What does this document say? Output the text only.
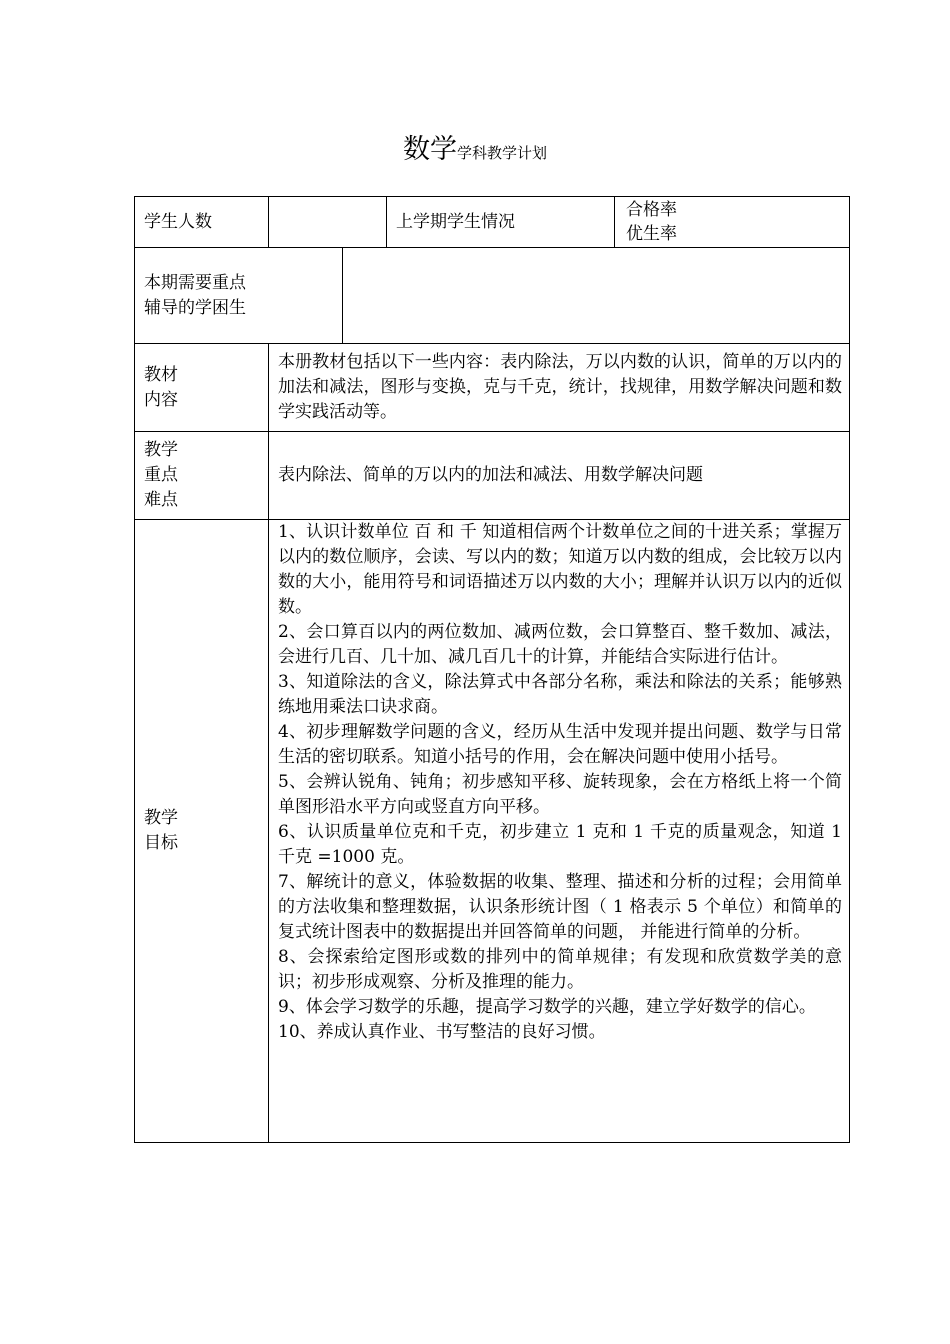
数学学科教学计划
学生人数	上学期学生情况
合格率
优生率
本期需要重点
辅导的学困生
教材
内容
本册教材包括以下一些内容：表内除法，万以内数的认识，简单的万以内的加法和减法，图形与变换，克与千克，统计，找规律，用数学解决问题和数学实践活动等。
教学
重点
难点
表内除法、简单的万以内的加法和减法、用数学解决问题
教学
目标

1、认识计数单位 百 和 千 知道相信两个计数单位之间的十进关系；掌握万以内的数位顺序，会读、写以内的数；知道万以内数的组成，会比较万以内数的大小，能用符号和词语描述万以内数的大小；理解并认识万以内的近似数。

2、会口算百以内的两位数加、减两位数，会口算整百、整千数加、减法，会进行几百、几十加、减几百几十的计算，并能结合实际进行估计。

3、知道除法的含义，除法算式中各部分名称，乘法和除法的关系；能够熟练地用乘法口诀求商。

4、初步理解数学问题的含义，经历从生活中发现并提出问题、数学与日常生活的密切联系。知道小括号的作用，会在解决问题中使用小括号。

5、会辨认锐角、钝角；初步感知平移、旋转现象，会在方格纸上将一个简单图形沿水平方向或竖直方向平移。

6、认识质量单位克和千克，初步建立 1 克和 1 千克的质量观念，知道 1 千克 =1000 克。

7、解统计的意义，体验数据的收集、整理、描述和分析的过程；会用简单的方法收集和整理数据，认识条形统计图（ 1 格表示 5 个单位）和简单的复式统计图表中的数据提出并回答简单的问题， 并能进行简单的分析。

8、会探索给定图形或数的排列中的简单规律；有发现和欣赏数学美的意识；初步形成观察、分析及推理的能力。

9、体会学习数学的乐趣，提高学习数学的兴趣，建立学好数学的信心。

10、养成认真作业、书写整洁的良好习惯。
